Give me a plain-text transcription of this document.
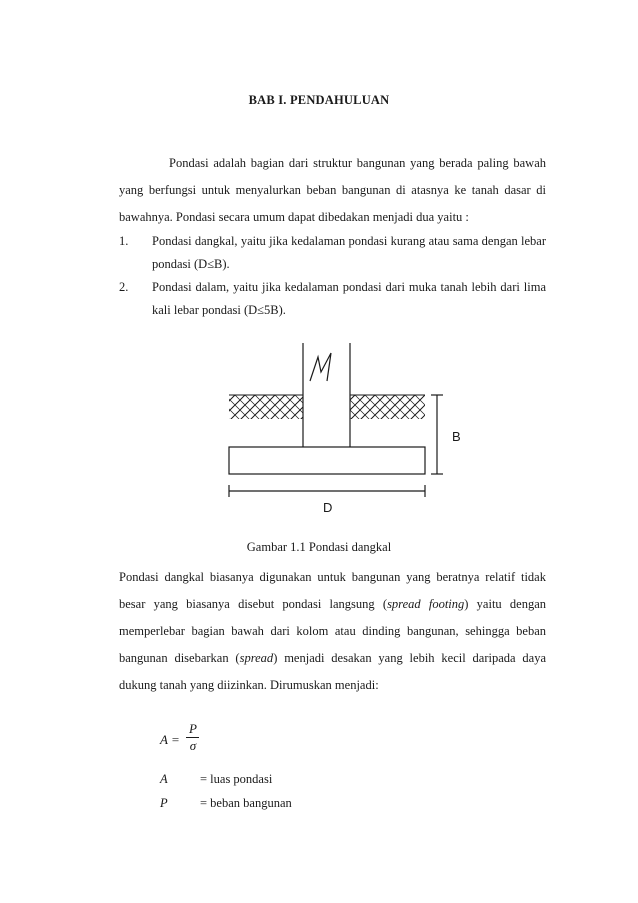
BAB I. PENDAHULUAN

Pondasi adalah bagian dari struktur bangunan yang berada paling bawah yang berfungsi untuk menyalurkan beban bangunan di atasnya ke tanah dasar di bawahnya. Pondasi secara umum dapat dibedakan menjadi dua yaitu :

1. Pondasi dangkal, yaitu jika kedalaman pondasi kurang atau sama dengan lebar pondasi (D≤B).
2. Pondasi dalam, yaitu jika kedalaman pondasi dari muka tanah lebih dari lima kali lebar pondasi (D≤5B).
B
D
Gambar 1.1 Pondasi dangkal

Pondasi dangkal biasanya digunakan untuk bangunan yang beratnya relatif tidak besar yang biasanya disebut pondasi langsung (spread footing) yaitu dengan memperlebar bagian bawah dari kolom atau dinding bangunan, sehingga beban bangunan disebarkan (spread) menjadi desakan yang lebih kecil daripada daya dukung tanah yang diizinkan. Dirumuskan menjadi:

A =
P
σ
A	= luas pondasi
P	= beban bangunan
